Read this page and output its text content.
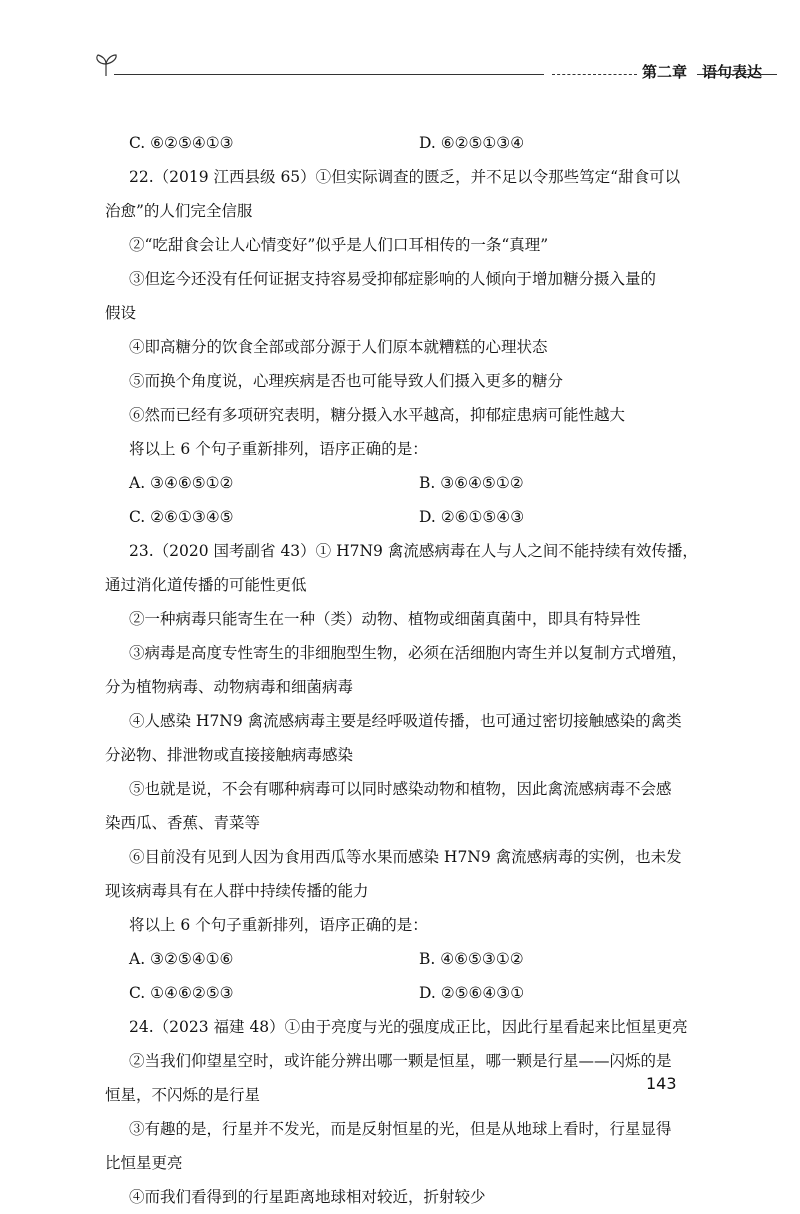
第二章　语句表达
C. ⑥②⑤④①③	D. ⑥②⑤①③④
22.（2019 江西县级 65）①但实际调查的匮乏，并不足以令那些笃定“甜食可以
治愈”的人们完全信服
②“吃甜食会让人心情变好”似乎是人们口耳相传的一条“真理”
③但迄今还没有任何证据支持容易受抑郁症影响的人倾向于增加糖分摄入量的
假设
④即高糖分的饮食全部或部分源于人们原本就糟糕的心理状态
⑤而换个角度说，心理疾病是否也可能导致人们摄入更多的糖分
⑥然而已经有多项研究表明，糖分摄入水平越高，抑郁症患病可能性越大
将以上 6 个句子重新排列，语序正确的是：
A. ③④⑥⑤①②	B. ③⑥④⑤①②
C. ②⑥①③④⑤	D. ②⑥①⑤④③
23.（2020 国考副省 43）① H7N9 禽流感病毒在人与人之间不能持续有效传播，
通过消化道传播的可能性更低
②一种病毒只能寄生在一种（类）动物、植物或细菌真菌中，即具有特异性
③病毒是高度专性寄生的非细胞型生物，必须在活细胞内寄生并以复制方式增殖，
分为植物病毒、动物病毒和细菌病毒
④人感染 H7N9 禽流感病毒主要是经呼吸道传播，也可通过密切接触感染的禽类
分泌物、排泄物或直接接触病毒感染
⑤也就是说，不会有哪种病毒可以同时感染动物和植物，因此禽流感病毒不会感
染西瓜、香蕉、青菜等
⑥目前没有见到人因为食用西瓜等水果而感染 H7N9 禽流感病毒的实例，也未发
现该病毒具有在人群中持续传播的能力
将以上 6 个句子重新排列，语序正确的是：
A. ③②⑤④①⑥	B. ④⑥⑤③①②
C. ①④⑥②⑤③	D. ②⑤⑥④③①
24.（2023 福建 48）①由于亮度与光的强度成正比，因此行星看起来比恒星更亮
②当我们仰望星空时，或许能分辨出哪一颗是恒星，哪一颗是行星——闪烁的是
恒星，不闪烁的是行星
③有趣的是，行星并不发光，而是反射恒星的光，但是从地球上看时，行星显得
比恒星更亮
④而我们看得到的行星距离地球相对较近，折射较少
143
